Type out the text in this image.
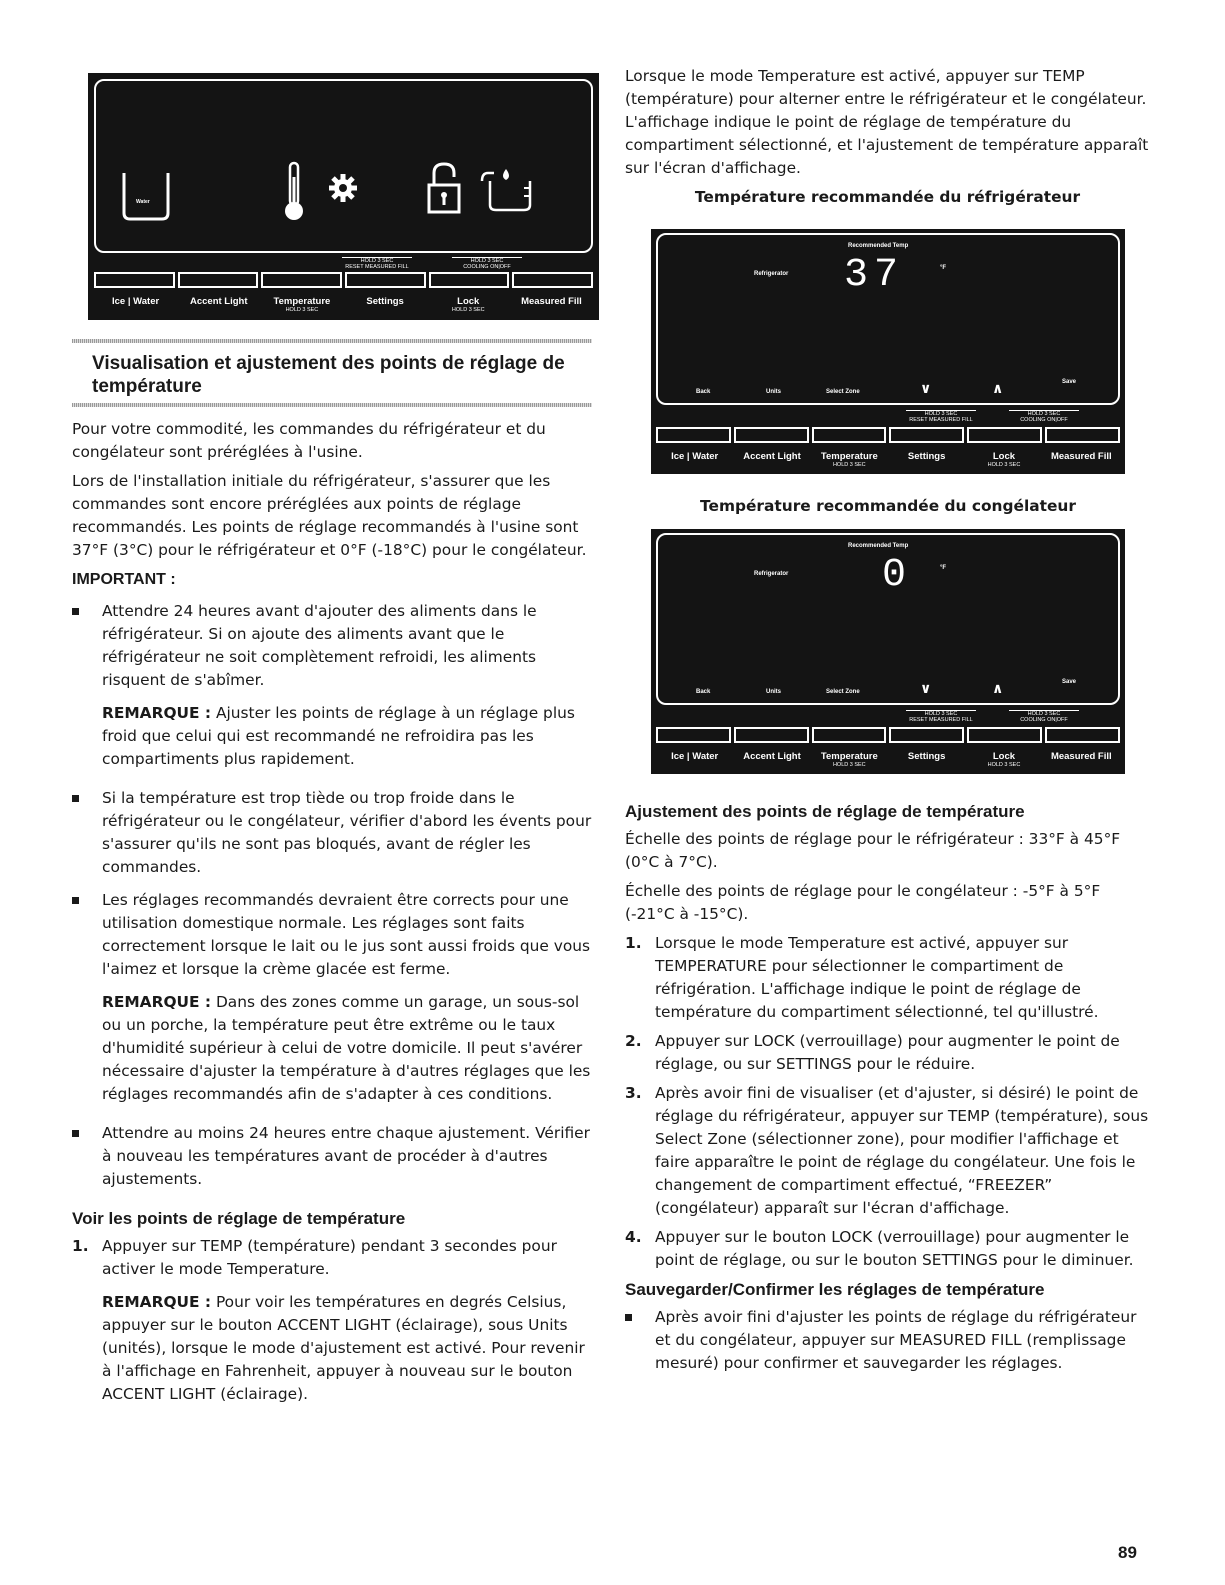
Water
HOLD 3 SEC
RESET MEASURED FILL
HOLD 3 SEC
COOLING ON|OFF
Ice | Water	Accent Light	Temperature
HOLD 3 SEC
Settings	Lock
HOLD 3 SEC
Measured Fill
Visualisation et ajustement des points de réglage de température

Pour votre commodité, les commandes du réfrigérateur et du congélateur sont préréglées à l'usine.

Lors de l'installation initiale du réfrigérateur, s'assurer que les commandes sont encore préréglées aux points de réglage recommandés. Les points de réglage recommandés à l'usine sont 37°F (3°C) pour le réfrigérateur et 0°F (-18°C) pour le congélateur.

IMPORTANT :
Attendre 24 heures avant d'ajouter des aliments dans le réfrigérateur. Si on ajoute des aliments avant que le réfrigérateur ne soit complètement refroidi, les aliments risquent de s'abîmer.
REMARQUE : Ajuster les points de réglage à un réglage plus froid que celui qui est recommandé ne refroidira pas les compartiments plus rapidement.
Si la température est trop tiède ou trop froide dans le réfrigérateur ou le congélateur, vérifier d'abord les évents pour s'assurer qu'ils ne sont pas bloqués, avant de régler les commandes.
Les réglages recommandés devraient être corrects pour une utilisation domestique normale. Les réglages sont faits correctement lorsque le lait ou le jus sont aussi froids que vous l'aimez et lorsque la crème glacée est ferme.
REMARQUE : Dans des zones comme un garage, un sous-sol ou un porche, la température peut être extrême ou le taux d'humidité supérieur à celui de votre domicile. Il peut s'avérer nécessaire d'ajuster la température à d'autres réglages que les réglages recommandés afin de s'adapter à ces conditions.
Attendre au moins 24 heures entre chaque ajustement. Vérifier à nouveau les températures avant de procéder à d'autres ajustements.
Voir les points de réglage de température
1. Appuyer sur TEMP (température) pendant 3 secondes pour activer le mode Temperature.
REMARQUE : Pour voir les températures en degrés Celsius, appuyer sur le bouton ACCENT LIGHT (éclairage), sous Units (unités), lorsque le mode d'ajustement est activé. Pour revenir à l'affichage en Fahrenheit, appuyer à nouveau sur le bouton ACCENT LIGHT (éclairage).

Lorsque le mode Temperature est activé, appuyer sur TEMP (température) pour alterner entre le réfrigérateur et le congélateur. L'affichage indique le point de réglage de température du compartiment sélectionné, et l'ajustement de température apparaît sur l'écran d'affichage.

Température recommandée du réfrigérateur
Recommended Temp
Refrigerator 37	°F
Back	Units	Select Zone	∨	∧	Save
HOLD 3 SEC
RESET MEASURED FILL
HOLD 3 SEC
COOLING ON|OFF
Ice | Water	Accent Light	Temperature
HOLD 3 SEC
Settings	Lock
HOLD 3 SEC
Measured Fill
Température recommandée du congélateur
Recommended Temp
Refrigerator 0	°F
Back	Units	Select Zone	∨	∧	Save
HOLD 3 SEC
RESET MEASURED FILL
HOLD 3 SEC
COOLING ON|OFF
Ice | Water	Accent Light	Temperature
HOLD 3 SEC
Settings	Lock
HOLD 3 SEC
Measured Fill
Ajustement des points de réglage de température

Échelle des points de réglage pour le réfrigérateur : 33°F à 45°F (0°C à 7°C).

Échelle des points de réglage pour le congélateur : -5°F à 5°F (-21°C à -15°C).

1. Lorsque le mode Temperature est activé, appuyer sur TEMPERATURE pour sélectionner le compartiment de réfrigération. L'affichage indique le point de réglage de température du compartiment sélectionné, tel qu'illustré.
2. Appuyer sur LOCK (verrouillage) pour augmenter le point de réglage, ou sur SETTINGS pour le réduire.
3. Après avoir fini de visualiser (et d'ajuster, si désiré) le point de réglage du réfrigérateur, appuyer sur TEMP (température), sous Select Zone (sélectionner zone), pour modifier l'affichage et faire apparaître le point de réglage du congélateur. Une fois le changement de compartiment effectué, “FREEZER” (congélateur) apparaît sur l'écran d'affichage.
4. Appuyer sur le bouton LOCK (verrouillage) pour augmenter le point de réglage, ou sur le bouton SETTINGS pour le diminuer.
Sauvegarder/Confirmer les réglages de température
Après avoir fini d'ajuster les points de réglage du réfrigérateur et du congélateur, appuyer sur MEASURED FILL (remplissage mesuré) pour confirmer et sauvegarder les réglages.
89
